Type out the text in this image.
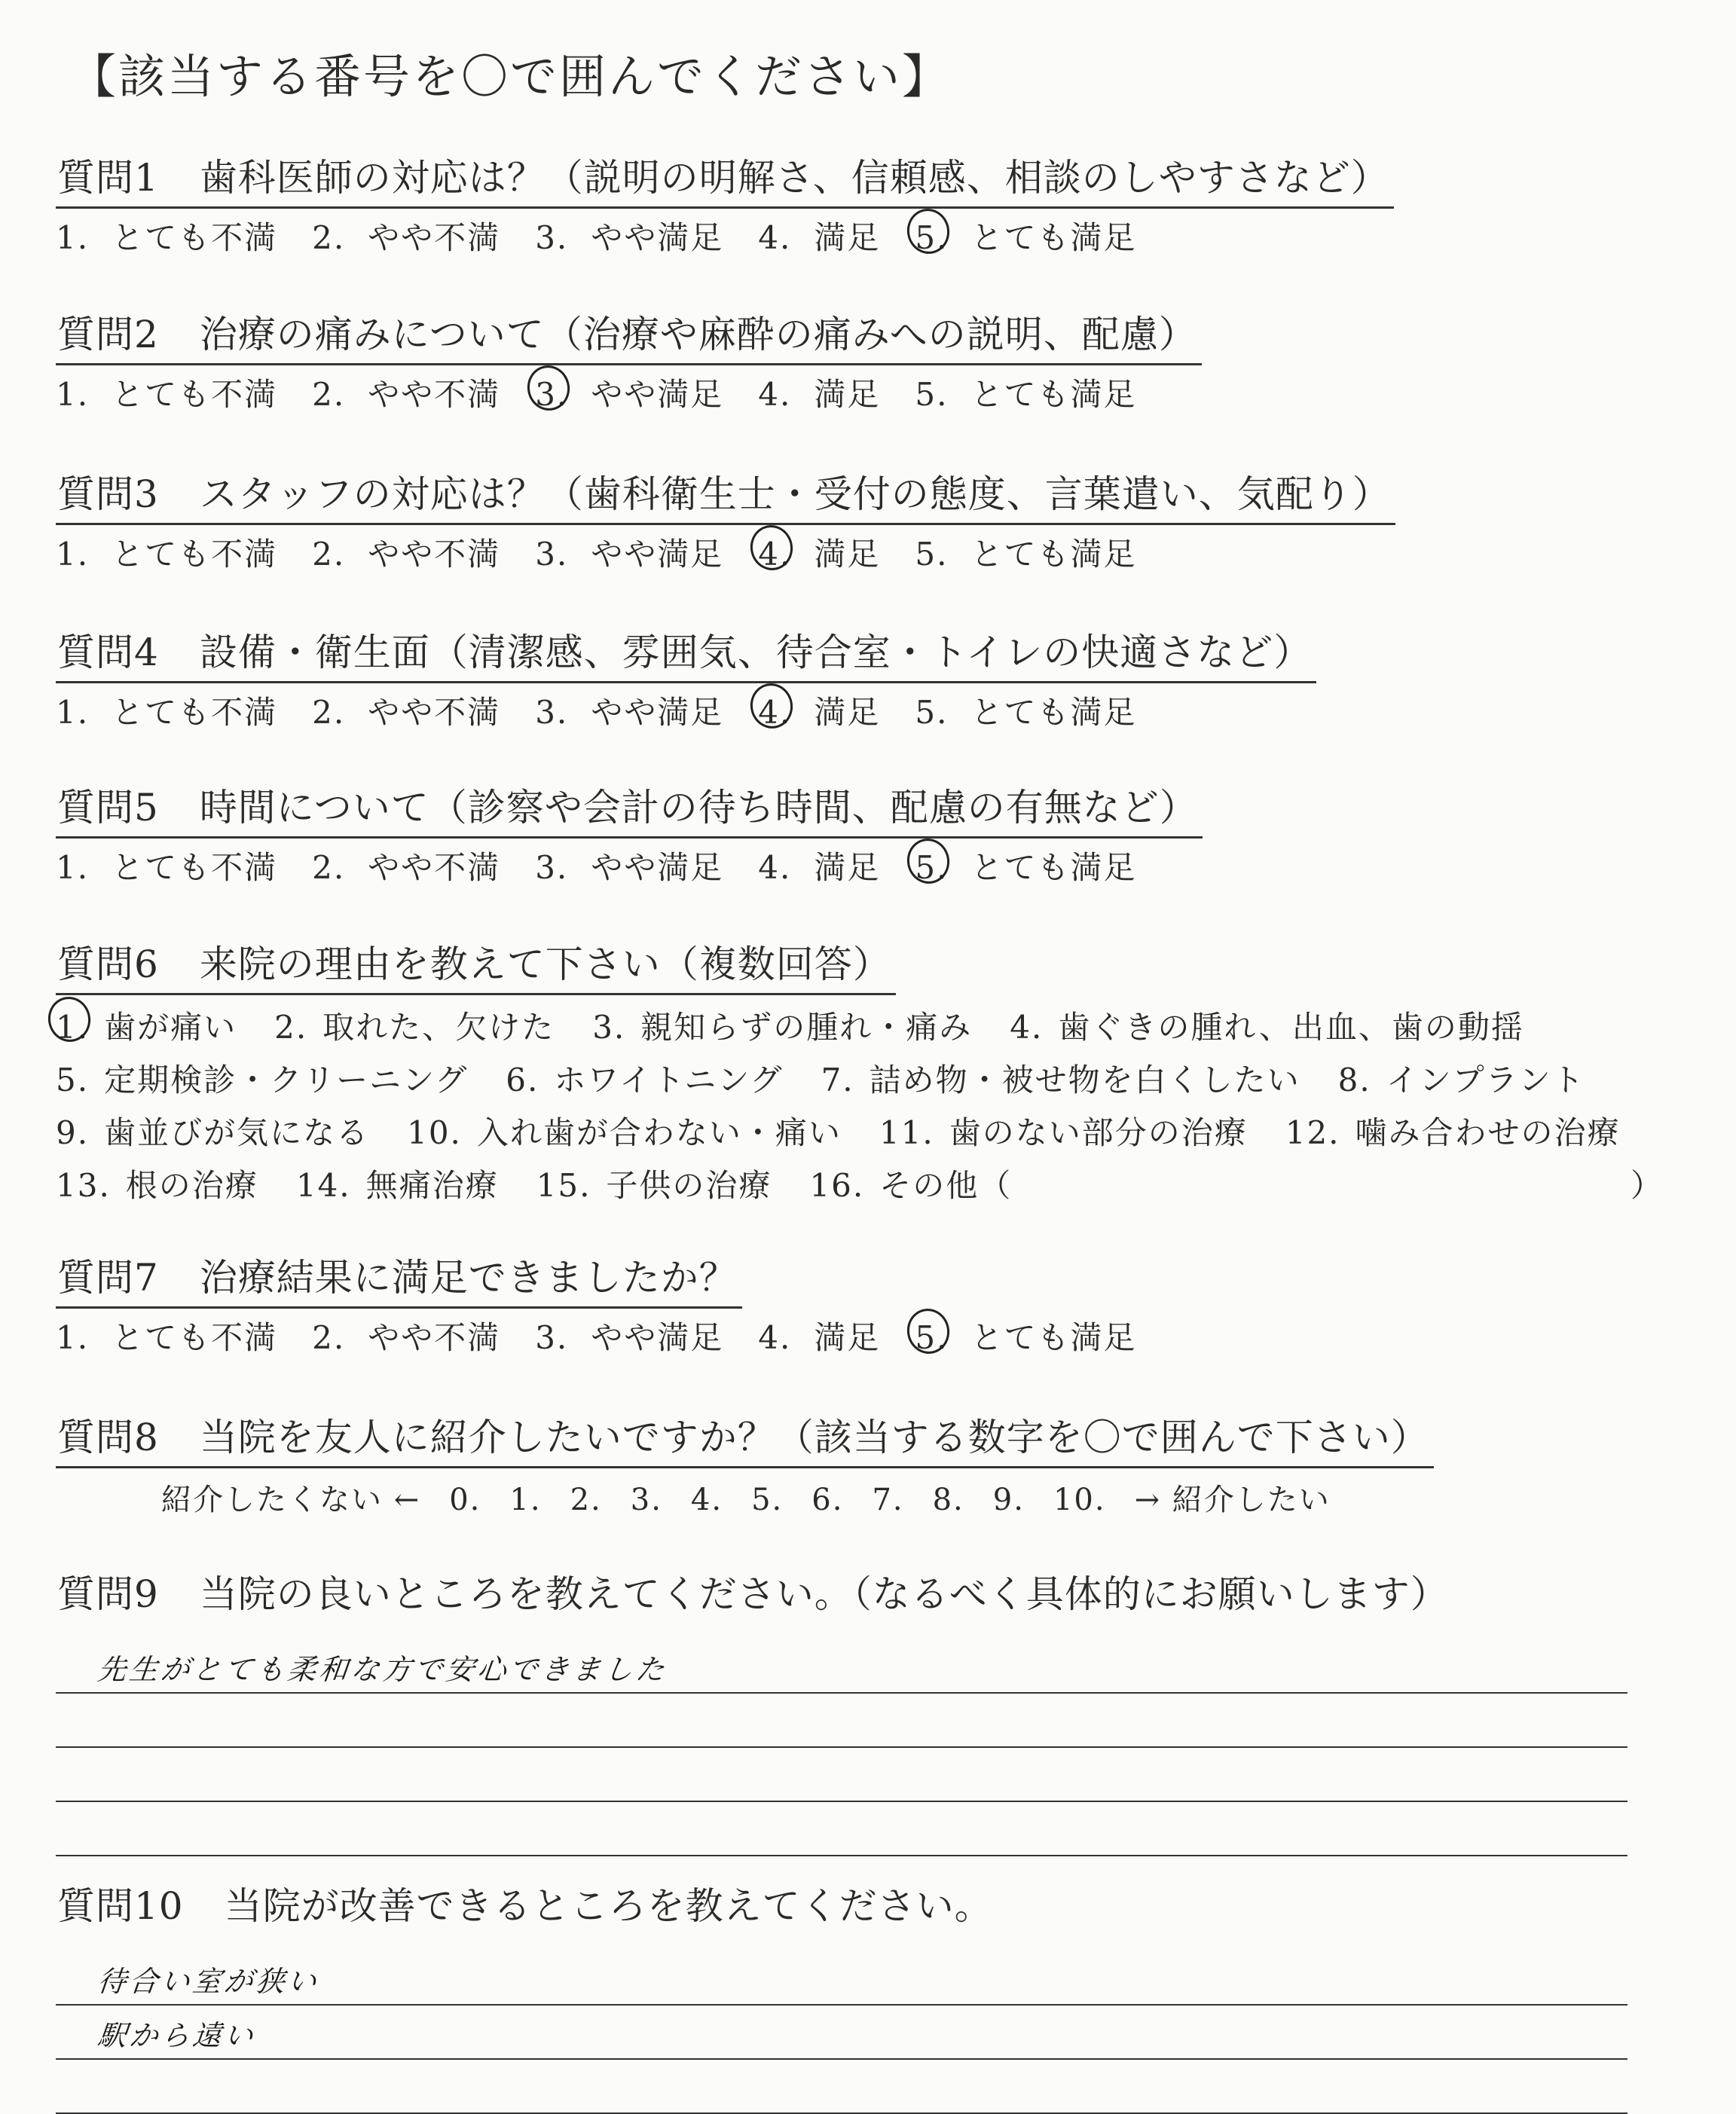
【該当する番号を〇で囲んでください】
質問1 歯科医師の対応は？（説明の明解さ、信頼感、相談のしやすさなど）
1. とても不満 2. やや不満 3. やや満足 4. 満足 5. とても満足
質問2 治療の痛みについて（治療や麻酔の痛みへの説明、配慮）
1. とても不満 2. やや不満 3. やや満足 4. 満足 5. とても満足
質問3 スタッフの対応は？（歯科衛生士・受付の態度、言葉遣い、気配り）
1. とても不満 2. やや不満 3. やや満足 4. 満足 5. とても満足
質問4 設備・衛生面（清潔感、雰囲気、待合室・トイレの快適さなど）
1. とても不満 2. やや不満 3. やや満足 4. 満足 5. とても満足
質問5 時間について（診察や会計の待ち時間、配慮の有無など）
1. とても不満 2. やや不満 3. やや満足 4. 満足 5. とても満足
質問6 来院の理由を教えて下さい（複数回答）
1. 歯が痛い 2. 取れた、欠けた 3. 親知らずの腫れ・痛み 4. 歯ぐきの腫れ、出血、歯の動揺
5. 定期検診・クリーニング 6. ホワイトニング 7. 詰め物・被せ物を白くしたい 8. インプラント
9. 歯並びが気になる 10. 入れ歯が合わない・痛い 11. 歯のない部分の治療 12. 噛み合わせの治療
13. 根の治療 14. 無痛治療 15. 子供の治療 16. その他（	）
質問7 治療結果に満足できましたか？
1. とても不満 2. やや不満 3. やや満足 4. 満足 5. とても満足
質問8 当院を友人に紹介したいですか？（該当する数字を〇で囲んで下さい）
紹介したくない ← 0. 1. 2. 3. 4. 5. 6. 7. 8. 9. 10. → 紹介したい
質問9 当院の良いところを教えてください。（なるべく具体的にお願いします）
先生がとても柔和な方で安心できました
質問10 当院が改善できるところを教えてください。
待合い室が狭い
駅から遠い
